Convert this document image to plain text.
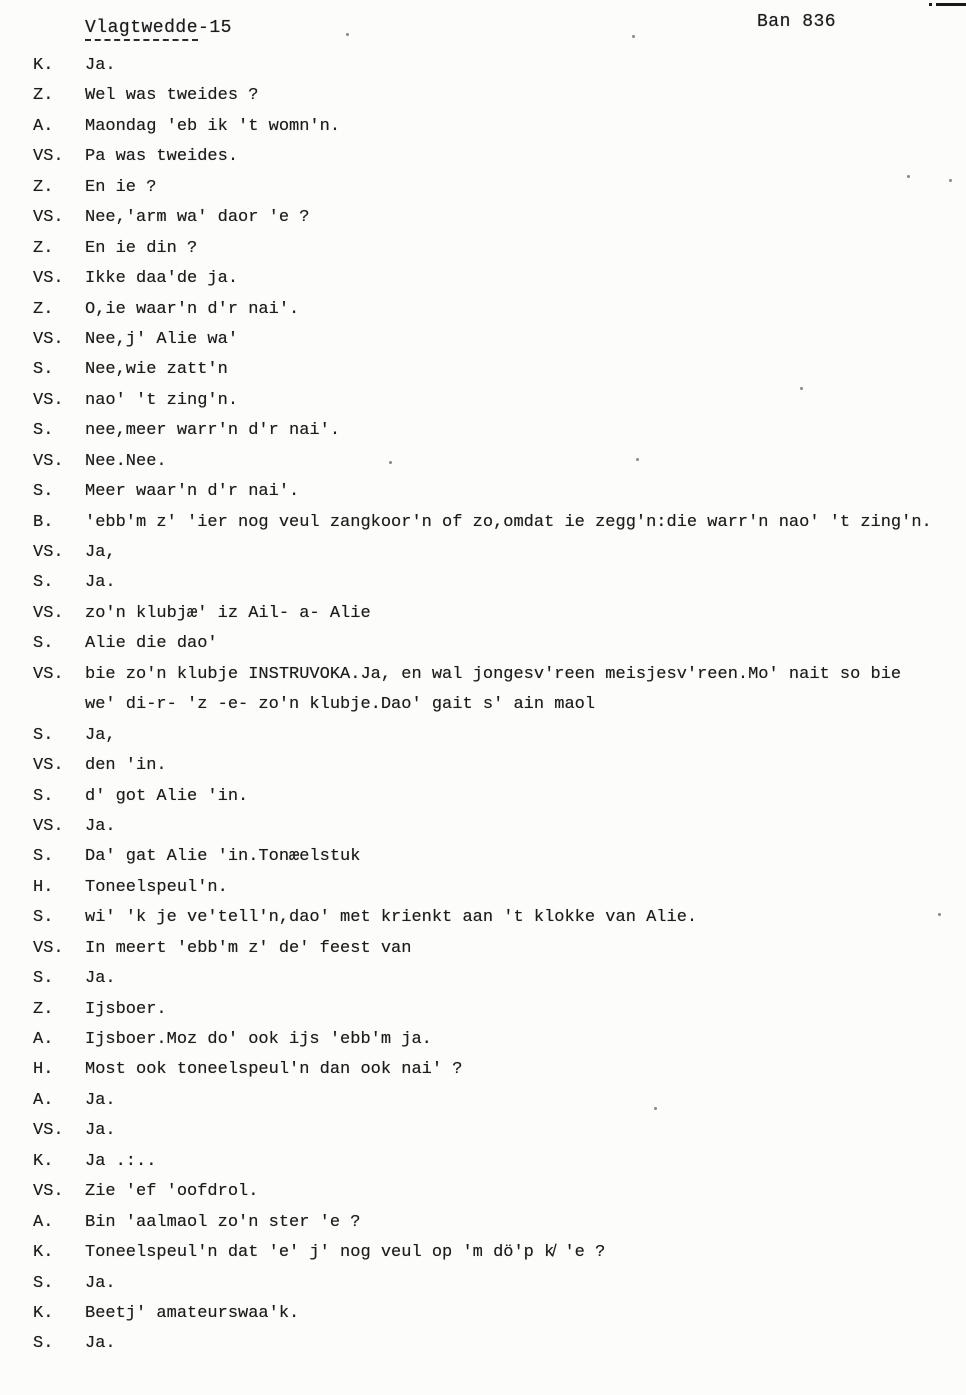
Vlagtwedde-15	Ban 836
K.	Ja.
Z.	Wel was tweides ?
A.	Maondag 'eb ik 't womn'n.
VS.	Pa was tweides.
Z.	En ie ?
VS.	Nee,'arm wa' daor 'e ?
Z.	En ie din ?
VS.	Ikke daa'de ja.
Z.	O,ie waar'n d'r nai'.
VS.	Nee,j' Alie wa'
S.	Nee,wie zatt'n
VS.	nao' 't zing'n.
S.	nee,meer warr'n d'r nai'.
VS.	Nee.Nee.
S.	Meer waar'n d'r nai'.
B.	'ebb'm z' 'ier nog veul zangkoor'n of zo,omdat ie zegg'n:die warr'n nao' 't zing'n.
VS.	Ja,
S.	Ja.
VS.	zo'n klubjæ' iz Ail- a- Alie
S.	Alie die dao'
VS.	bie zo'n klubje INSTRUVOKA.Ja, en wal jongesv'reen meisjesv'reen.Mo' nait so bie
we' di-r- 'z -e- zo'n klubje.Dao' gait s' ain maol
S.	Ja,
VS.	den 'in.
S.	d' got Alie 'in.
VS.	Ja.
S.	Da' gat Alie 'in.Tonæelstuk
H.	Toneelspeul'n.
S.	wi' 'k je ve'tell'n,dao' met krienkt aan 't klokke van Alie.
VS.	In meert 'ebb'm z' de' feest van
S.	Ja.
Z.	Ijsboer.
A.	Ijsboer.Moz do' ook ijs 'ebb'm ja.
H.	Most ook toneelspeul'n dan ook nai' ?
A.	Ja.
VS.	Ja.
K.	Ja .:..
VS.	Zie 'ef 'oofdrol.
A.	Bin 'aalmaol zo'n ster 'e ?
K.	Toneelspeul'n dat 'e' j' nog veul op 'm dö'p k̸ 'e ?
S.	Ja.
K.	Beetj' amateurswaa'k.
S.	Ja.
